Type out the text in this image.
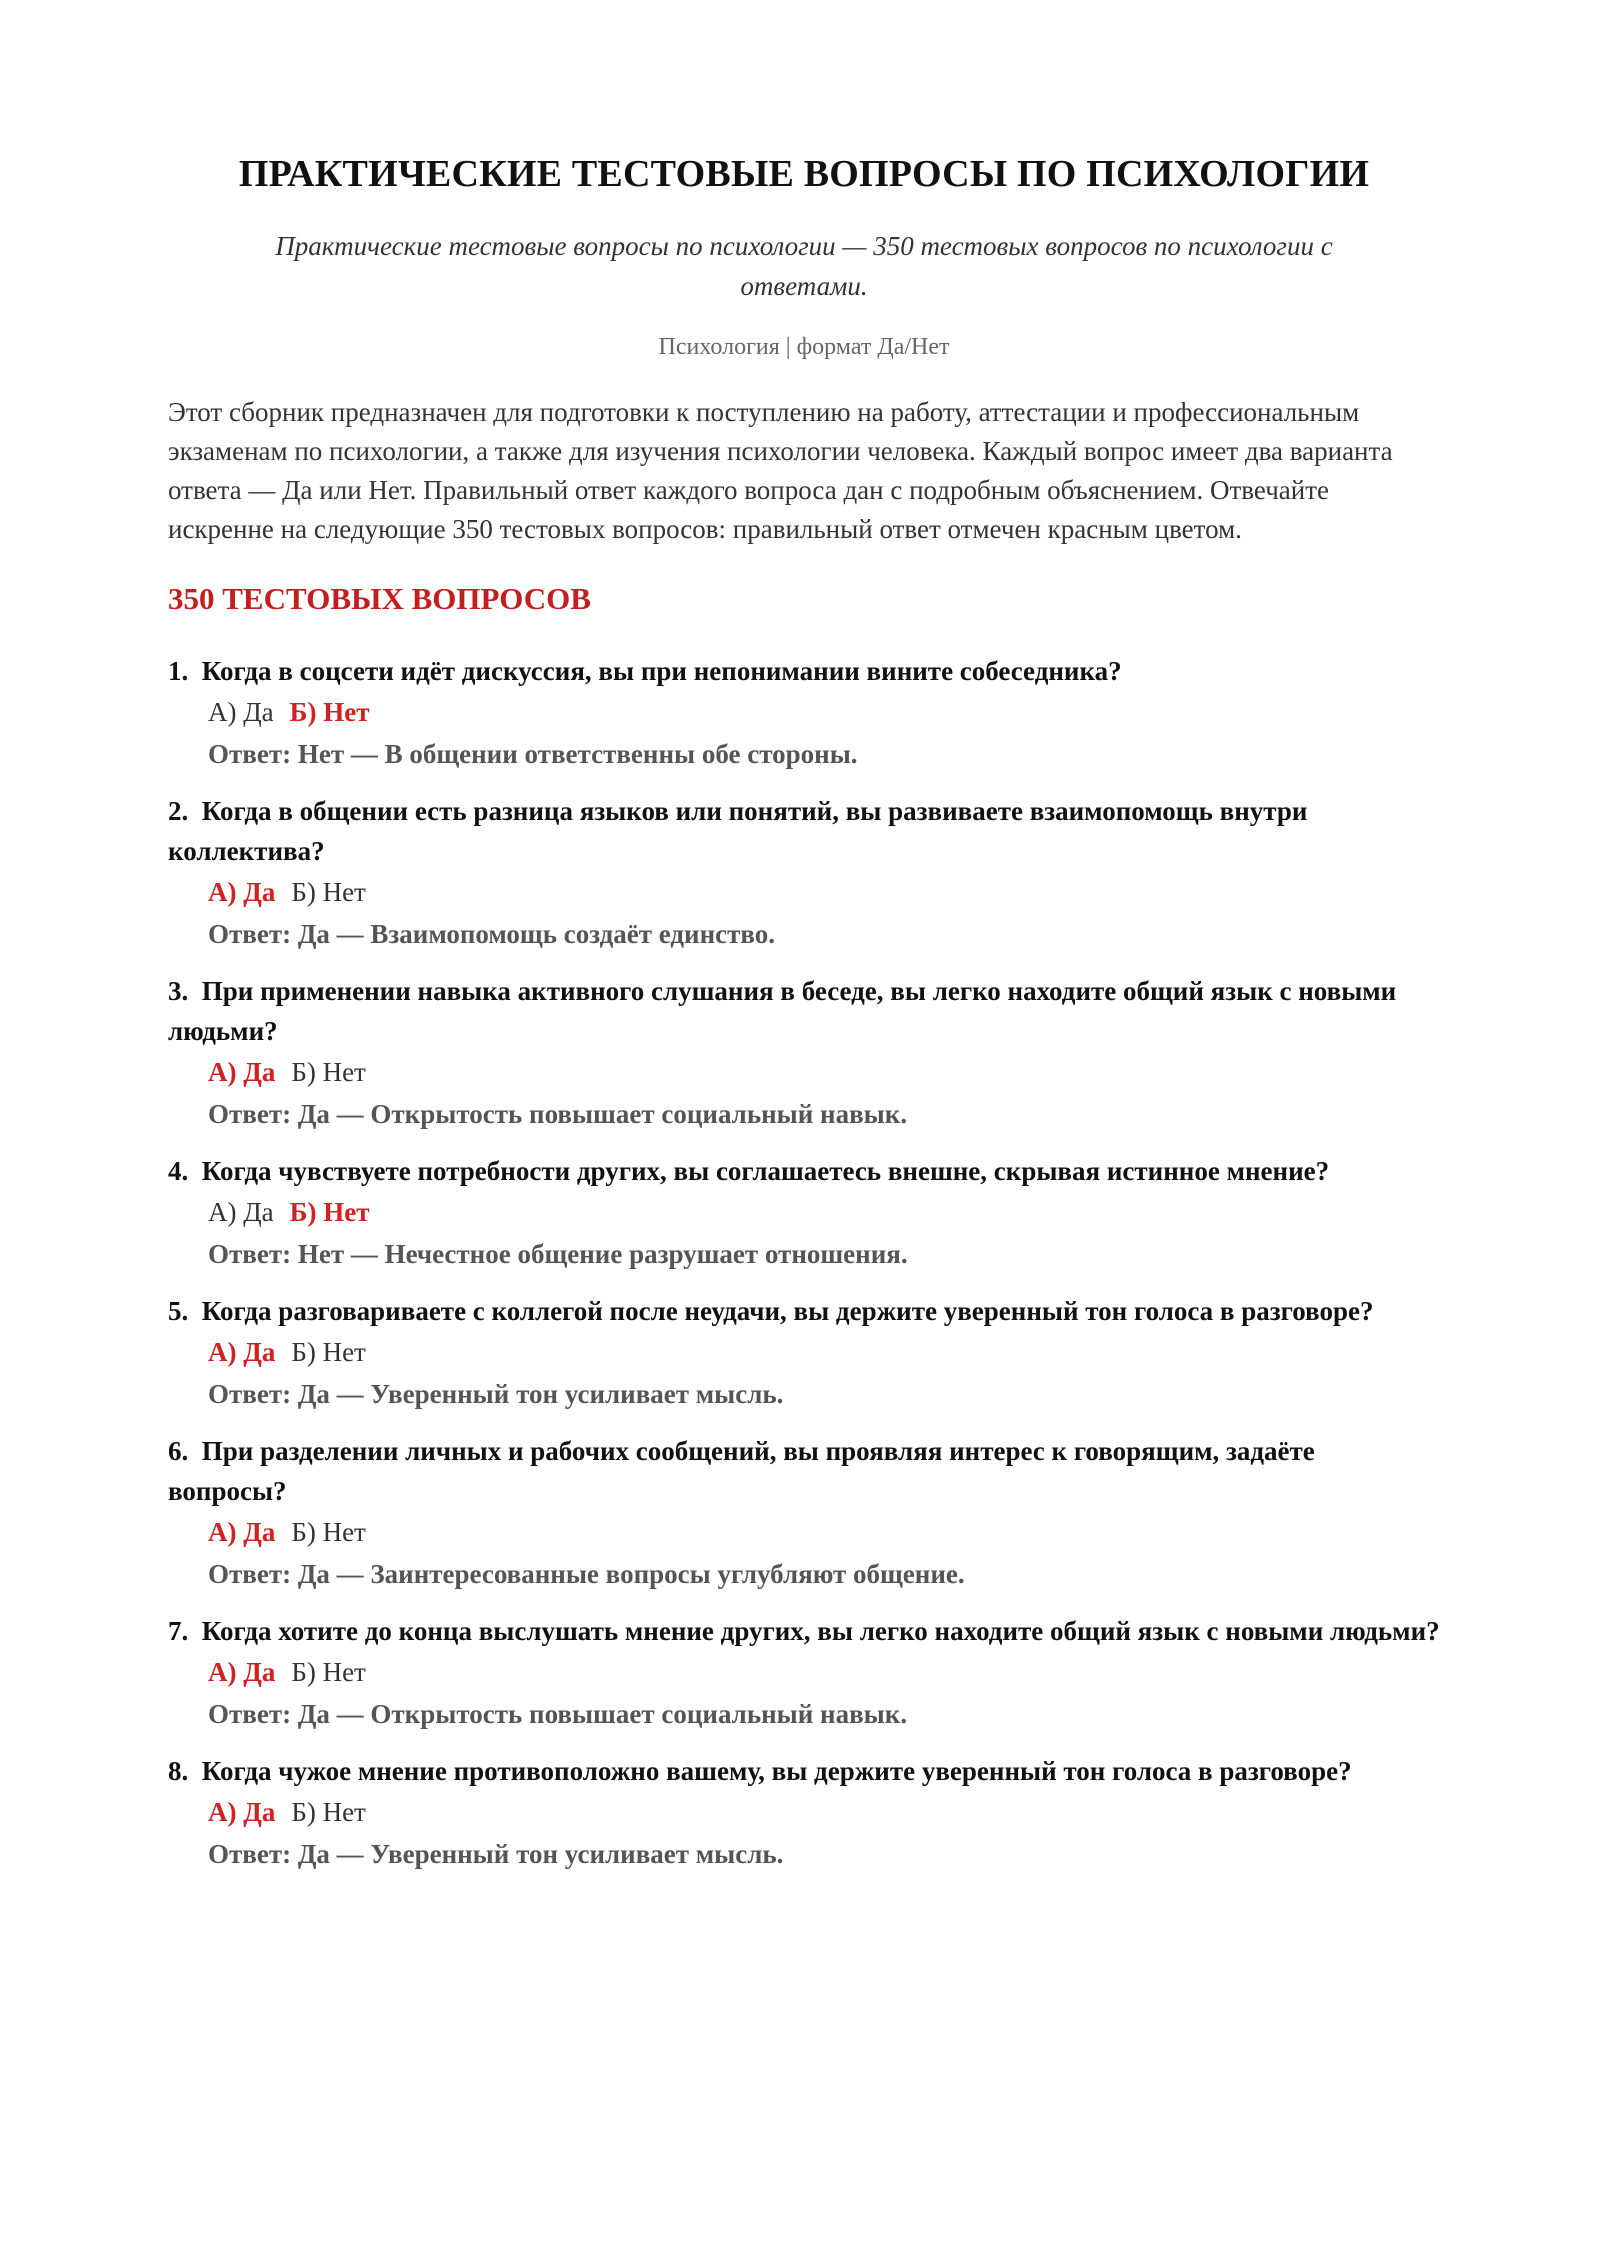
ПРАКТИЧЕСКИЕ ТЕСТОВЫЕ ВОПРОСЫ ПО ПСИХОЛОГИИ
Практические тестовые вопросы по психологии — 350 тестовых вопросов по психологии с ответами.
Психология | формат Да/Нет
Этот сборник предназначен для подготовки к поступлению на работу, аттестации и профессиональным экзаменам по психологии, а также для изучения психологии человека. Каждый вопрос имеет два варианта ответа — Да или Нет. Правильный ответ каждого вопроса дан с подробным объяснением. Отвечайте искренне на следующие 350 тестовых вопросов: правильный ответ отмечен красным цветом.
350 ТЕСТОВЫХ ВОПРОСОВ
1. Когда в соцсети идёт дискуссия, вы при непонимании вините собеседника?
А) Да Б) Нет
Ответ: Нет — В общении ответственны обе стороны.
2. Когда в общении есть разница языков или понятий, вы развиваете взаимопомощь внутри коллектива?
А) Да Б) Нет
Ответ: Да — Взаимопомощь создаёт единство.
3. При применении навыка активного слушания в беседе, вы легко находите общий язык с новыми людьми?
А) Да Б) Нет
Ответ: Да — Открытость повышает социальный навык.
4. Когда чувствуете потребности других, вы соглашаетесь внешне, скрывая истинное мнение?
А) Да Б) Нет
Ответ: Нет — Нечестное общение разрушает отношения.
5. Когда разговариваете с коллегой после неудачи, вы держите уверенный тон голоса в разговоре?
А) Да Б) Нет
Ответ: Да — Уверенный тон усиливает мысль.
6. При разделении личных и рабочих сообщений, вы проявляя интерес к говорящим, задаёте вопросы?
А) Да Б) Нет
Ответ: Да — Заинтересованные вопросы углубляют общение.
7. Когда хотите до конца выслушать мнение других, вы легко находите общий язык с новыми людьми?
А) Да Б) Нет
Ответ: Да — Открытость повышает социальный навык.
8. Когда чужое мнение противоположно вашему, вы держите уверенный тон голоса в разговоре?
А) Да Б) Нет
Ответ: Да — Уверенный тон усиливает мысль.
